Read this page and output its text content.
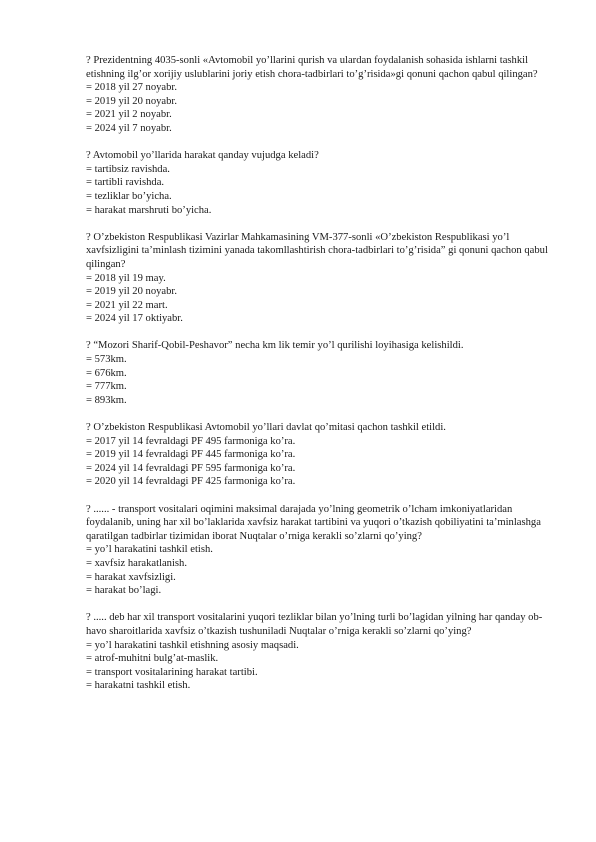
? Prezidentning 4035-sonli «Avtomobil yo’llarini qurish va ulardan foydalanish sohasida ishlarni tashkil etishning ilg’or xorijiy uslublarini joriy etish chora-tadbirlari to’g’risida»gi qonuni qachon qabul qilingan?
= 2018 yil 27 noyabr.
= 2019 yil 20 noyabr.
= 2021 yil 2 noyabr.
= 2024 yil 7 noyabr.
? Avtomobil yo’llarida harakat qanday vujudga keladi?
= tartibsiz ravishda.
= tartibli ravishda.
= tezliklar bo’yicha.
= harakat marshruti bo’yicha.
? O’zbekiston Respublikasi Vazirlar Mahkamasining VM-377-sonli «O’zbekiston Respublikasi yo’l xavfsizligini ta’minlash tizimini yanada takomllashtirish chora-tadbirlari to’g’risida” gi qonuni qachon qabul qilingan?
= 2018 yil 19 may.
= 2019 yil 20 noyabr.
= 2021 yil 22 mart.
= 2024 yil 17 oktiyabr.
? “Mozori Sharif-Qobil-Peshavor” necha km lik temir yo’l qurilishi loyihasiga kelishildi.
= 573km.
= 676km.
= 777km.
= 893km.
? O’zbekiston Respublikasi Avtomobil yo’llari davlat qo’mitasi qachon tashkil etildi.
= 2017 yil 14 fevraldagi PF 495 farmoniga ko’ra.
= 2019 yil 14 fevraldagi PF 445 farmoniga ko’ra.
= 2024 yil 14 fevraldagi PF 595 farmoniga ko’ra.
= 2020 yil 14 fevraldagi PF 425 farmoniga ko’ra.
? ...... - transport vositalari oqimini maksimal darajada yo’lning geometrik o’lcham imkoniyatlaridan foydalanib, uning har xil bo’laklarida xavfsiz harakat tartibini va yuqori o’tkazish qobiliyatini ta’minlashga qaratilgan tadbirlar tizimidan iborat Nuqtalar o’rniga kerakli so’zlarni qo’ying?
= yo’l harakatini tashkil etish.
= xavfsiz harakatlanish.
= harakat xavfsizligi.
= harakat bo’lagi.
? ..... deb har xil transport vositalarini yuqori tezliklar bilan yo’lning turli bo’lagidan yilning har qanday ob-havo sharoitlarida xavfsiz o’tkazish tushuniladi Nuqtalar o’rniga kerakli so’zlarni qo’ying?
= yo’l harakatini tashkil etishning asosiy maqsadi.
= atrof-muhitni bulg’at-maslik.
= transport vositalarining harakat tartibi.
= harakatni tashkil etish.
